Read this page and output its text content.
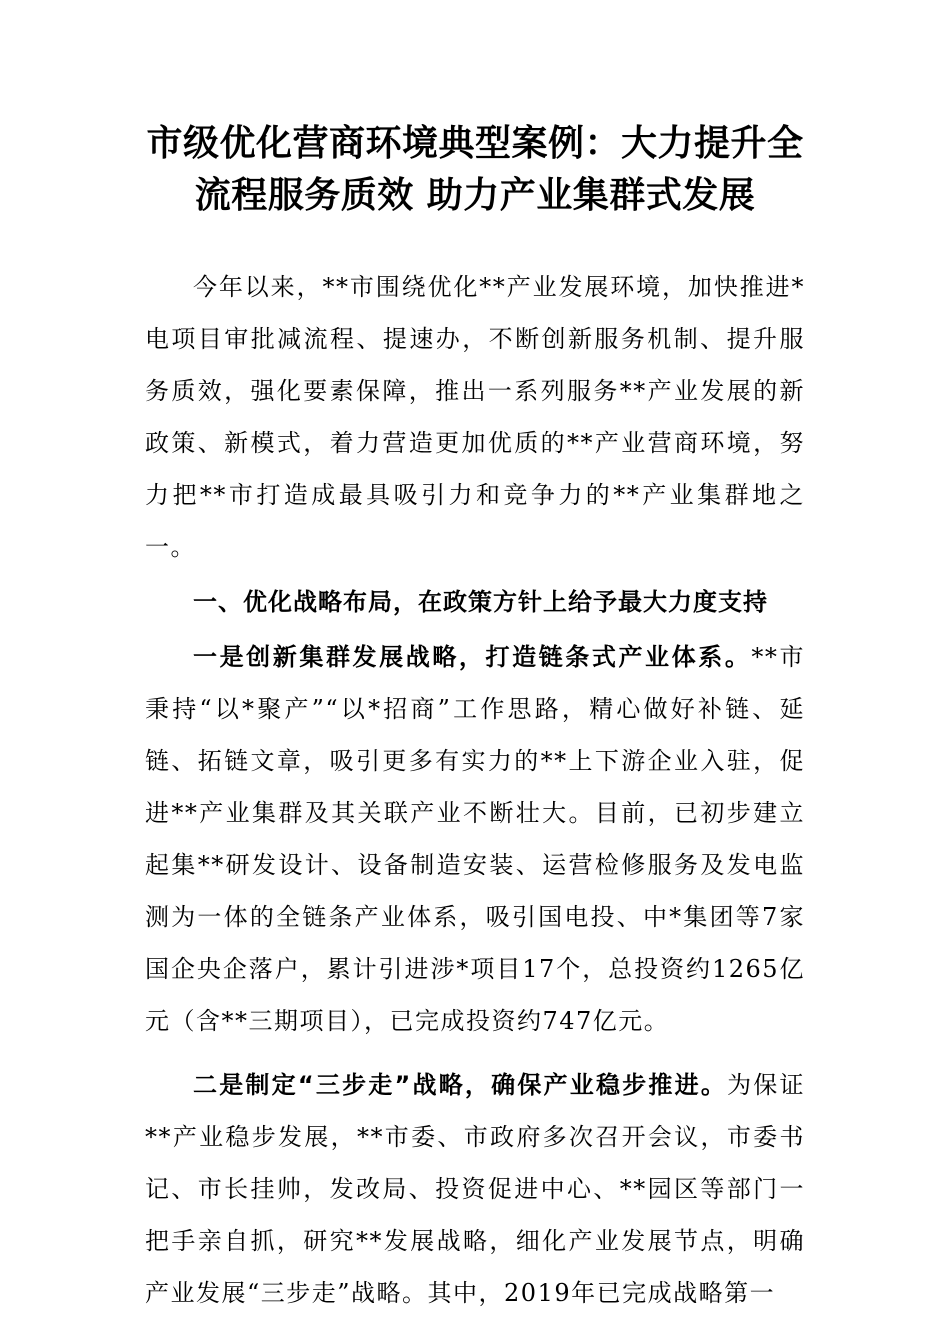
市级优化营商环境典型案例：大力提升全
流程服务质效 助力产业集群式发展

今年以来，**市围绕优化**产业发展环境，加快推进*电项目审批减流程、提速办，不断创新服务机制、提升服务质效，强化要素保障，推出一系列服务**产业发展的新政策、新模式，着力营造更加优质的**产业营商环境，努力把**市打造成最具吸引力和竞争力的**产业集群地之一。

一、优化战略布局，在政策方针上给予最大力度支持

一是创新集群发展战略，打造链条式产业体系。**市秉持“以*聚产”“以*招商”工作思路，精心做好补链、延链、拓链文章，吸引更多有实力的**上下游企业入驻，促进**产业集群及其关联产业不断壮大。目前，已初步建立起集**研发设计、设备制造安装、运营检修服务及发电监测为一体的全链条产业体系，吸引国电投、中*集团等7家国企央企落户，累计引进涉*项目17个，总投资约1265亿元（含**三期项目），已完成投资约747亿元。

二是制定“三步走”战略，确保产业稳步推进。为保证**产业稳步发展，**市委、市政府多次召开会议，市委书记、市长挂帅，发改局、投资促进中心、**园区等部门一把手亲自抓，研究**发展战略，细化产业发展节点，明确产业发展“三步走”战略。其中，2019年已完成战略第一
